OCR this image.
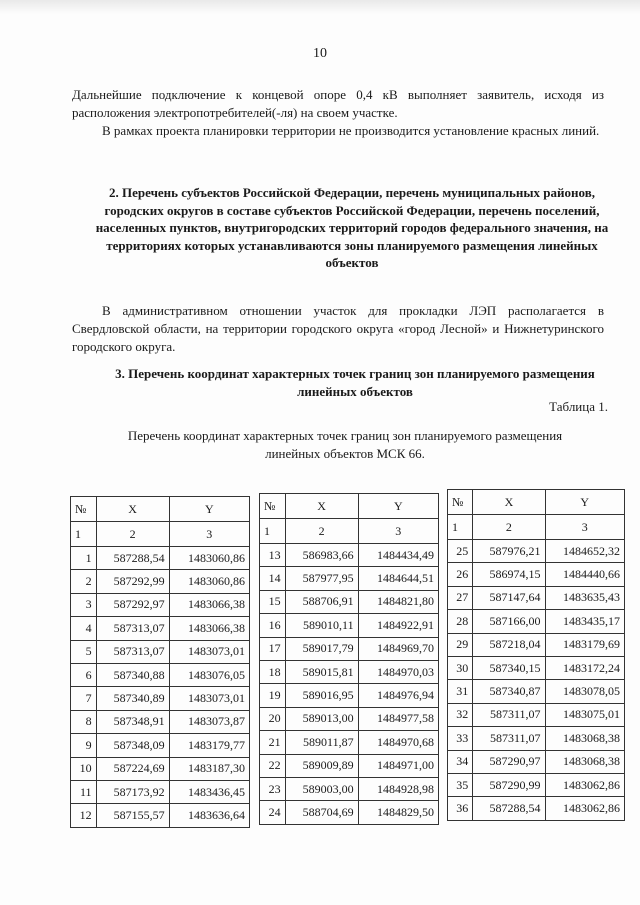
10
Дальнейшие подключение к концевой опоре 0,4 кВ выполняет заявитель, исходя из расположения электропотребителей(-ля) на своем участке.
В рамках проекта планировки территории не производится установление красных линий.
2. Перечень субъектов Российской Федерации, перечень муниципальных районов, городских округов в составе субъектов Российской Федерации, перечень поселений, населенных пунктов, внутригородских территорий городов федерального значения, на территориях которых устанавливаются зоны планируемого размещения линейных объектов
В административном отношении участок для прокладки ЛЭП располагается в Свердловской области, на территории городского округа «город Лесной» и Нижнетуринского городского округа.
3. Перечень координат характерных точек границ зон планируемого размещения линейных объектов
Таблица 1.
Перечень координат характерных точек границ зон планируемого размещения линейных объектов МСК 66.
№	X	Y
1	2	3
1	587288,54	1483060,86
2	587292,99	1483060,86
3	587292,97	1483066,38
4	587313,07	1483066,38
5	587313,07	1483073,01
6	587340,88	1483076,05
7	587340,89	1483073,01
8	587348,91	1483073,87
9	587348,09	1483179,77
10	587224,69	1483187,30
11	587173,92	1483436,45
12	587155,57	1483636,64
№	X	Y
1	2	3
13	586983,66	1484434,49
14	587977,95	1484644,51
15	588706,91	1484821,80
16	589010,11	1484922,91
17	589017,79	1484969,70
18	589015,81	1484970,03
19	589016,95	1484976,94
20	589013,00	1484977,58
21	589011,87	1484970,68
22	589009,89	1484971,00
23	589003,00	1484928,98
24	588704,69	1484829,50
№	X	Y
1	2	3
25	587976,21	1484652,32
26	586974,15	1484440,66
27	587147,64	1483635,43
28	587166,00	1483435,17
29	587218,04	1483179,69
30	587340,15	1483172,24
31	587340,87	1483078,05
32	587311,07	1483075,01
33	587311,07	1483068,38
34	587290,97	1483068,38
35	587290,99	1483062,86
36	587288,54	1483062,86
